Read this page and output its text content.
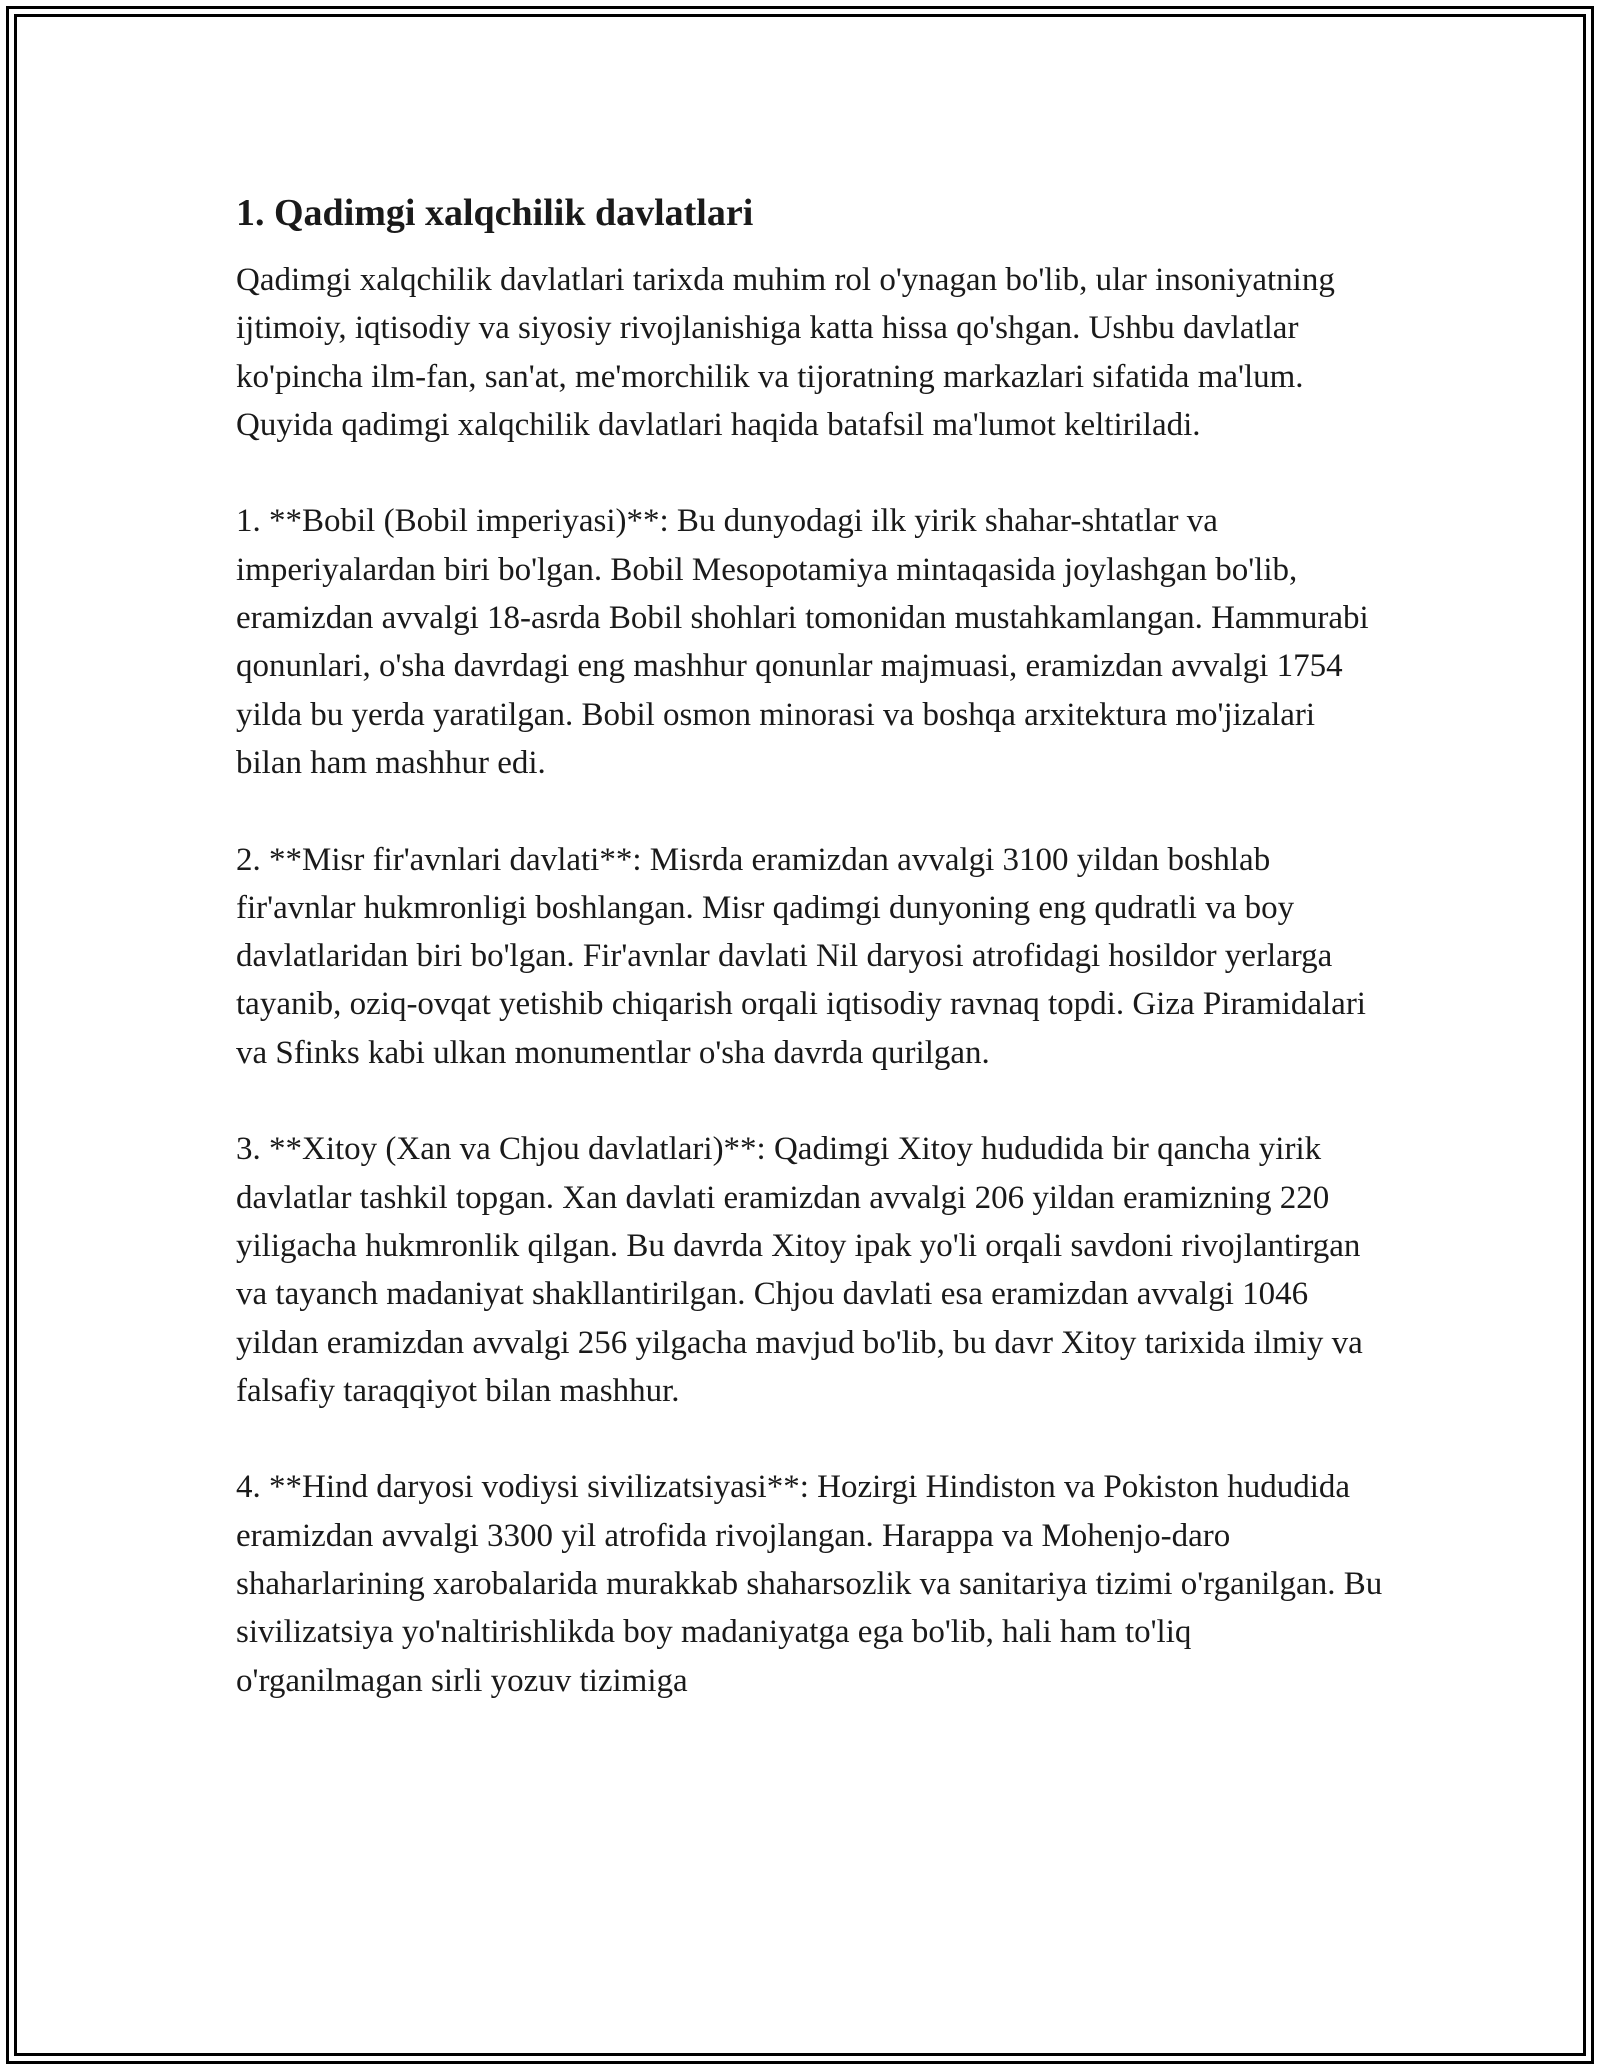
1. Qadimgi xalqchilik davlatlari

Qadimgi xalqchilik davlatlari tarixda muhim rol o'ynagan bo'lib, ular insoniyatning ijtimoiy, iqtisodiy va siyosiy rivojlanishiga katta hissa qo'shgan. Ushbu davlatlar ko'pincha ilm-fan, san'at, me'morchilik va tijoratning markazlari sifatida ma'lum. Quyida qadimgi xalqchilik davlatlari haqida batafsil ma'lumot keltiriladi.

1. **Bobil (Bobil imperiyasi)**: Bu dunyodagi ilk yirik shahar-shtatlar va imperiyalardan biri bo'lgan. Bobil Mesopotamiya mintaqasida joylashgan bo'lib, eramizdan avvalgi 18-asrda Bobil shohlari tomonidan mustahkamlangan. Hammurabi qonunlari, o'sha davrdagi eng mashhur qonunlar majmuasi, eramizdan avvalgi 1754 yilda bu yerda yaratilgan. Bobil osmon minorasi va boshqa arxitektura mo'jizalari bilan ham mashhur edi.

2. **Misr fir'avnlari davlati**: Misrda eramizdan avvalgi 3100 yildan boshlab fir'avnlar hukmronligi boshlangan. Misr qadimgi dunyoning eng qudratli va boy davlatlaridan biri bo'lgan. Fir'avnlar davlati Nil daryosi atrofidagi hosildor yerlarga tayanib, oziq-ovqat yetishib chiqarish orqali iqtisodiy ravnaq topdi. Giza Piramidalari va Sfinks kabi ulkan monumentlar o'sha davrda qurilgan.

3. **Xitoy (Xan va Chjou davlatlari)**: Qadimgi Xitoy hududida bir qancha yirik davlatlar tashkil topgan. Xan davlati eramizdan avvalgi 206 yildan eramizning 220 yiligacha hukmronlik qilgan. Bu davrda Xitoy ipak yo'li orqali savdoni rivojlantirgan va tayanch madaniyat shakllantirilgan. Chjou davlati esa eramizdan avvalgi 1046 yildan eramizdan avvalgi 256 yilgacha mavjud bo'lib, bu davr Xitoy tarixida ilmiy va falsafiy taraqqiyot bilan mashhur.

4. **Hind daryosi vodiysi sivilizatsiyasi**: Hozirgi Hindiston va Pokiston hududida eramizdan avvalgi 3300 yil atrofida rivojlangan. Harappa va Mohenjo-daro shaharlarining xarobalarida murakkab shaharsozlik va sanitariya tizimi o'rganilgan. Bu sivilizatsiya yo'naltirishlikda boy madaniyatga ega bo'lib, hali ham to'liq o'rganilmagan sirli yozuv tizimiga
